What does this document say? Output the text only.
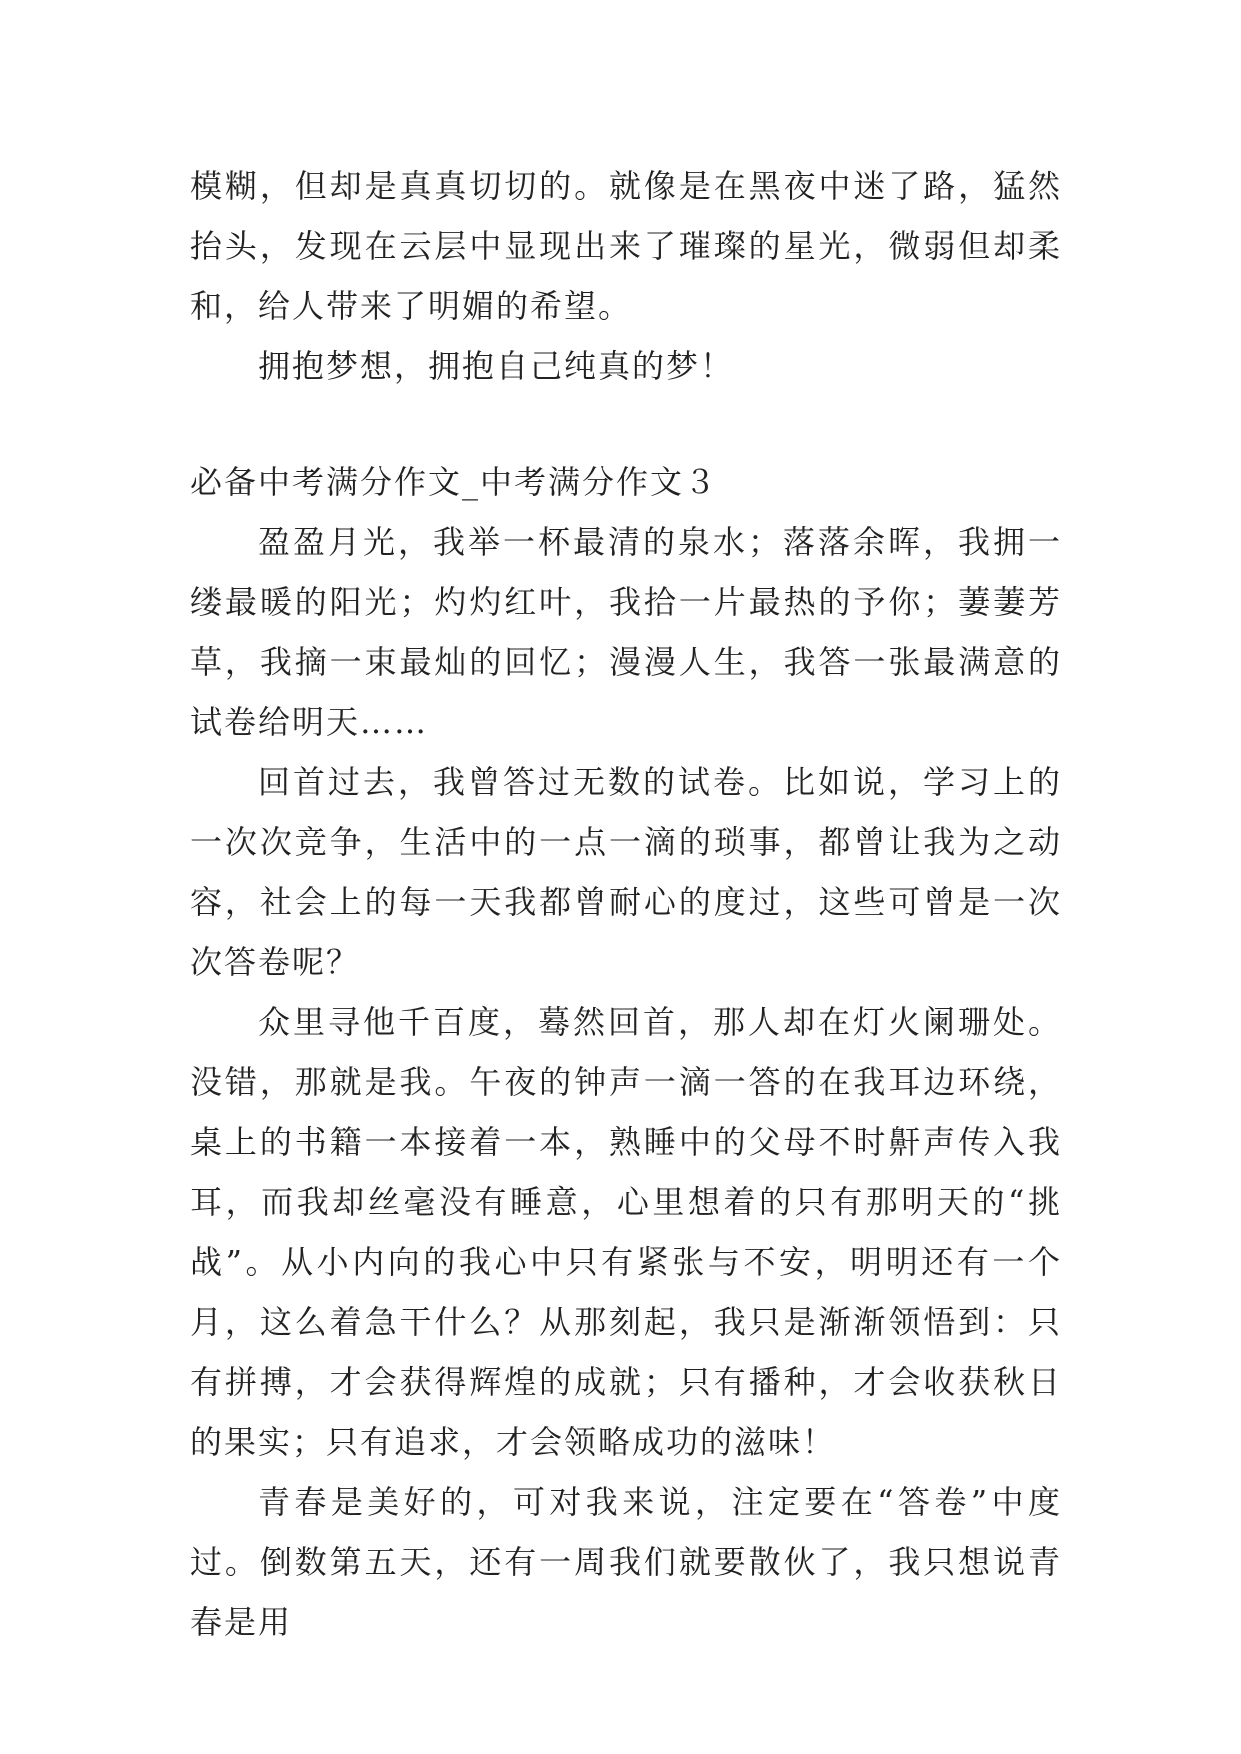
模糊，但却是真真切切的。就像是在黑夜中迷了路，猛然抬头，发现在云层中显现出来了璀璨的星光，微弱但却柔和，给人带来了明媚的希望。

拥抱梦想，拥抱自己纯真的梦！

必备中考满分作文_中考满分作文３

盈盈月光，我举一杯最清的泉水；落落余晖，我拥一缕最暖的阳光；灼灼红叶，我拾一片最热的予你；萋萋芳草，我摘一束最灿的回忆；漫漫人生，我答一张最满意的试卷给明天……

回首过去，我曾答过无数的试卷。比如说，学习上的一次次竞争，生活中的一点一滴的琐事，都曾让我为之动容，社会上的每一天我都曾耐心的度过，这些可曾是一次次答卷呢？

众里寻他千百度，蓦然回首，那人却在灯火阑珊处。没错，那就是我。午夜的钟声一滴一答的在我耳边环绕，桌上的书籍一本接着一本，熟睡中的父母不时鼾声传入我耳，而我却丝毫没有睡意，心里想着的只有那明天的“挑战”。从小内向的我心中只有紧张与不安，明明还有一个月，这么着急干什么？从那刻起，我只是渐渐领悟到：只有拼搏，才会获得辉煌的成就；只有播种，才会收获秋日的果实；只有追求，才会领略成功的滋味！

青春是美好的，可对我来说，注定要在“答卷”中度过。倒数第五天，还有一周我们就要散伙了，我只想说青春是用
